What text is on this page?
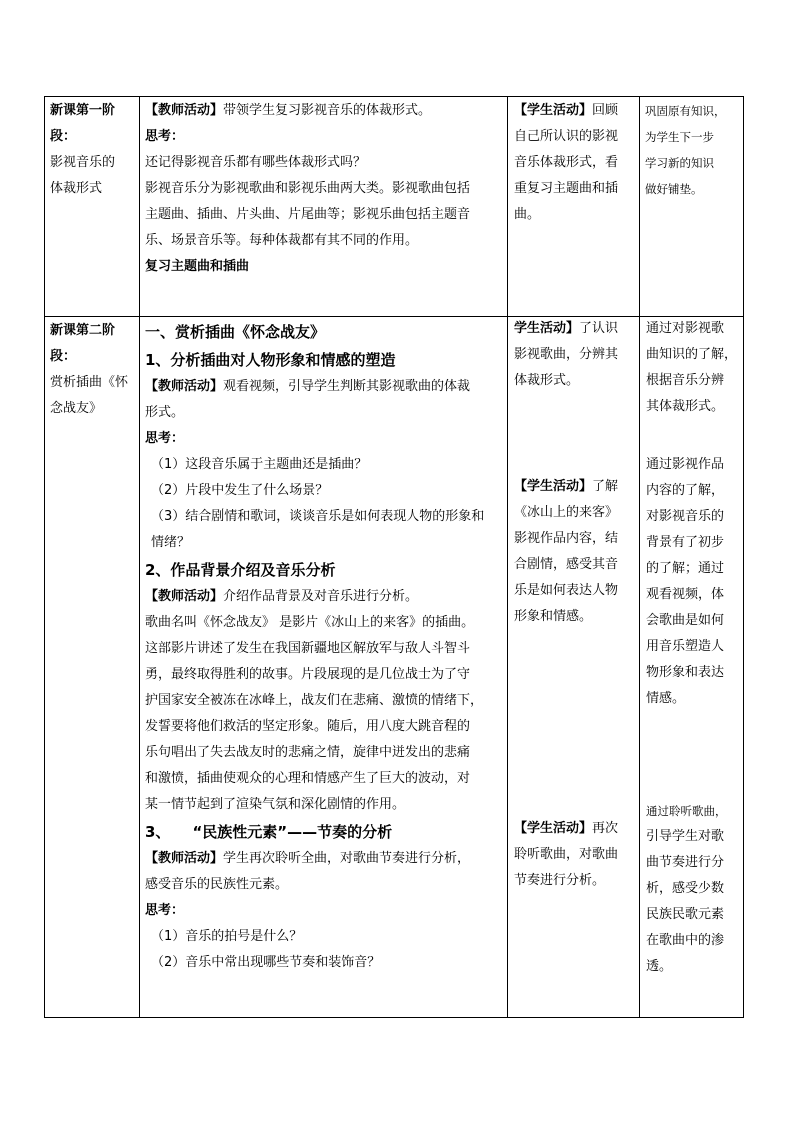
新课第一阶

段：

影视音乐的

体裁形式

【教师活动】带领学生复习影视音乐的体裁形式。

思考：

还记得影视音乐都有哪些体裁形式吗？

影视音乐分为影视歌曲和影视乐曲两大类。影视歌曲包括

主题曲、插曲、片头曲、片尾曲等；影视乐曲包括主题音

乐、场景音乐等。每种体裁都有其不同的作用。

复习主题曲和插曲

【学生活动】回顾

自己所认识的影视

音乐体裁形式，看

重复习主题曲和插

曲。

巩固原有知识，

为学生下一步

学习新的知识

做好铺垫。

新课第二阶

段：

赏析插曲《怀

念战友》

一、赏析插曲《怀念战友》

1、分析插曲对人物形象和情感的塑造

【教师活动】观看视频，引导学生判断其影视歌曲的体裁

形式。

思考：

（1）这段音乐属于主题曲还是插曲？

（2）片段中发生了什么场景？

（3）结合剧情和歌词，谈谈音乐是如何表现人物的形象和

情绪？

2、作品背景介绍及音乐分析

【教师活动】介绍作品背景及对音乐进行分析。

歌曲名叫《怀念战友》 是影片《冰山上的来客》的插曲。

这部影片讲述了发生在我国新疆地区解放军与敌人斗智斗

勇，最终取得胜利的故事。片段展现的是几位战士为了守

护国家安全被冻在冰峰上，战友们在悲痛、激愤的情绪下，

发誓要将他们救活的坚定形象。随后，用八度大跳音程的

乐句唱出了失去战友时的悲痛之情，旋律中迸发出的悲痛

和激愤，插曲使观众的心理和情感产生了巨大的波动，对

某一情节起到了渲染气氛和深化剧情的作用。

3、 “民族性元素”——节奏的分析

【教师活动】学生再次聆听全曲，对歌曲节奏进行分析，

感受音乐的民族性元素。

思考：

（1）音乐的拍号是什么？

（2）音乐中常出现哪些节奏和装饰音？

学生活动】了认识

影视歌曲，分辨其

体裁形式。

【学生活动】了解

《冰山上的来客》

影视作品内容，结

合剧情，感受其音

乐是如何表达人物

形象和情感。

【学生活动】再次

聆听歌曲，对歌曲

节奏进行分析。

通过对影视歌

曲知识的了解，

根据音乐分辨

其体裁形式。

通过影视作品

内容的了解，

对影视音乐的

背景有了初步

的了解；通过

观看视频，体

会歌曲是如何

用音乐塑造人

物形象和表达

情感。

通过聆听歌曲，

引导学生对歌

曲节奏进行分

析，感受少数

民族民歌元素

在歌曲中的渗

透。
